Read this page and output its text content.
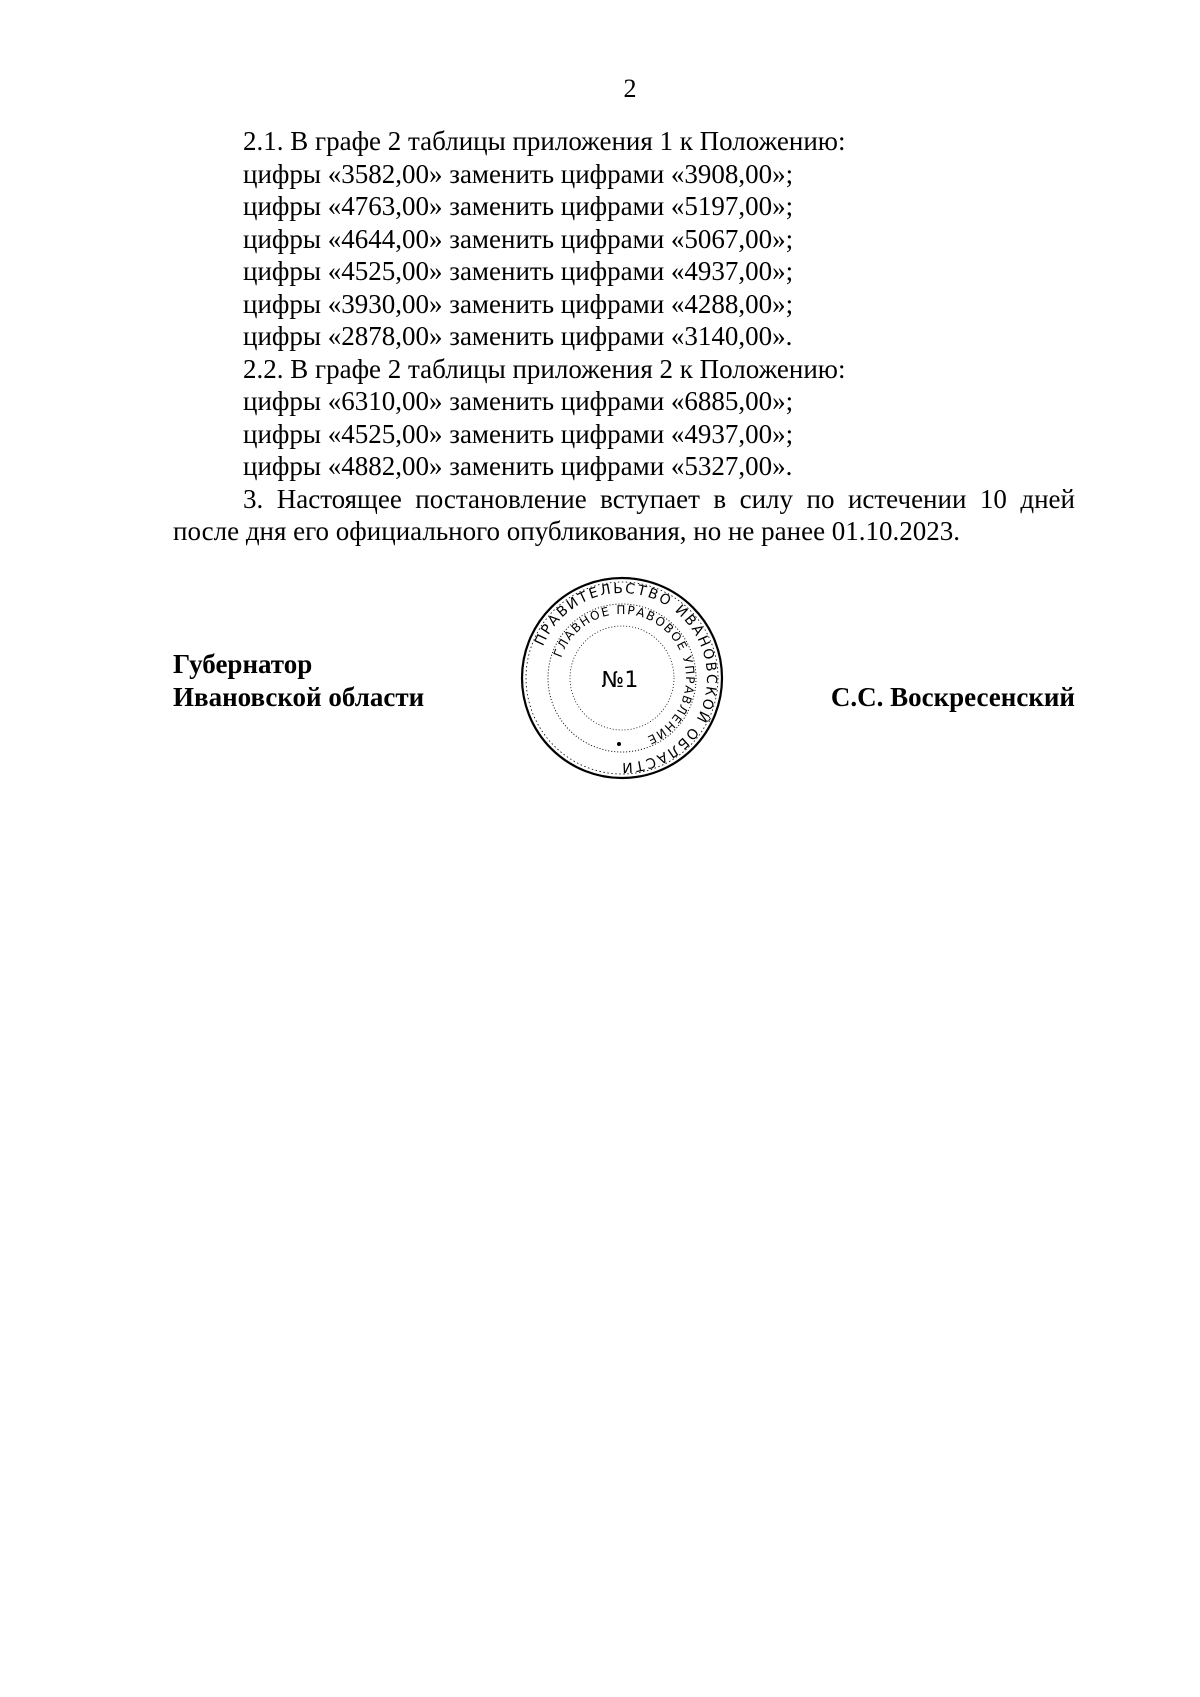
2

2.1. В графе 2 таблицы приложения 1 к Положению:

цифры «3582,00» заменить цифрами «3908,00»;

цифры «4763,00» заменить цифрами «5197,00»;

цифры «4644,00» заменить цифрами «5067,00»;

цифры «4525,00» заменить цифрами «4937,00»;

цифры «3930,00» заменить цифрами «4288,00»;

цифры «2878,00» заменить цифрами «3140,00».

2.2. В графе 2 таблицы приложения 2 к Положению:

цифры «6310,00» заменить цифрами «6885,00»;

цифры «4525,00» заменить цифрами «4937,00»;

цифры «4882,00» заменить цифрами «5327,00».

3. Настоящее постановление вступает в силу по истечении 10 дней
после дня его официального опубликования, но не ранее 01.10.2023.

Губернатор
Ивановской области
ПРАВИТЕЛЬСТВО ИВАНОВСКОЙ ОБЛАСТИ
ГЛАВНОЕ ПРАВОВОЕ УПРАВЛЕНИЕ
№1
С.С. Воскресенский
